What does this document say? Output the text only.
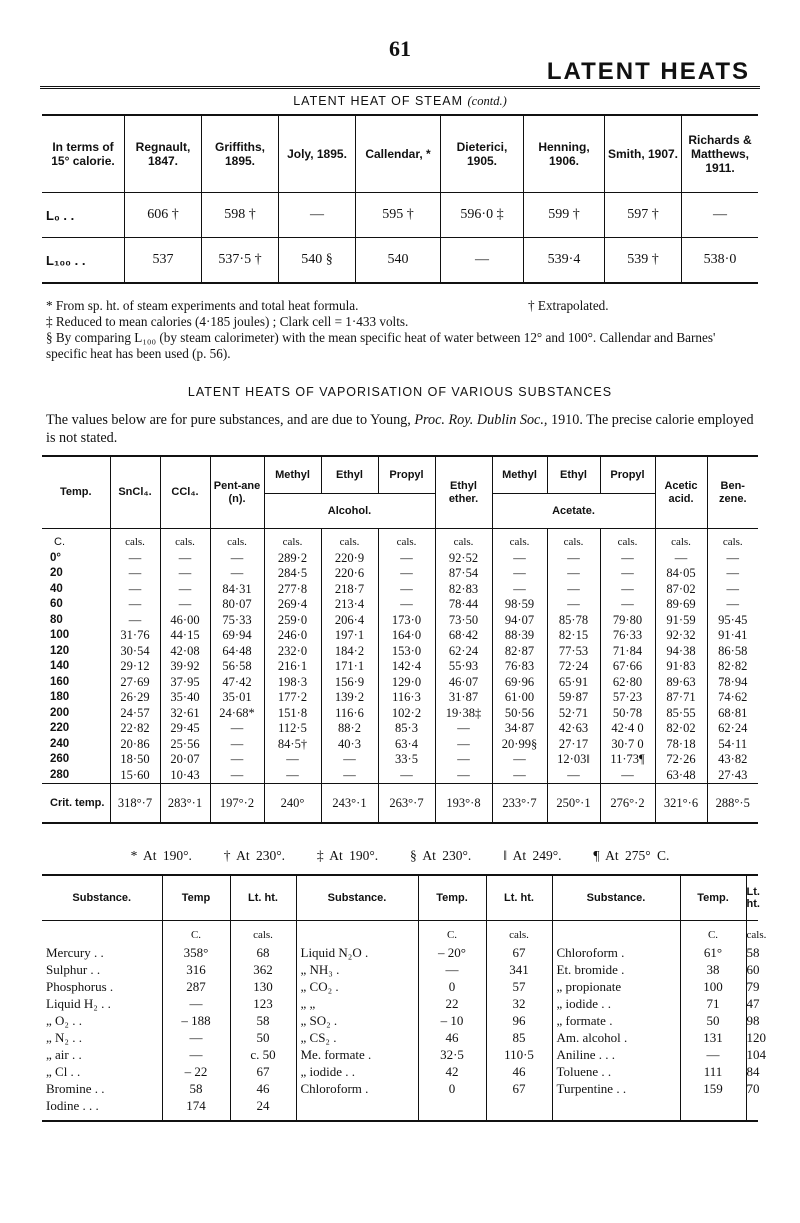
61
LATENT HEATS
LATENT HEAT OF STEAM (contd.)
In terms of 15° calorie.	Regnault, 1847.	Griffiths, 1895.	Joly, 1895.	Callendar, *	Dieterici, 1905.	Henning, 1906.	Smith, 1907.	Richards & Matthews, 1911.
L₀ . .	606 †	598 †	—	595 †	596·0 ‡	599 †	597 †	—
L₁₀₀ . .	537	537·5 †	540 §	540	—	539·4	539 †	538·0
* From sp. ht. of steam experiments and total heat formula.	† Extrapolated.
‡ Reduced to mean calories (4·185 joules) ; Clark cell = 1·433 volts.
§ By comparing L₁₀₀ (by steam calorimeter) with the mean specific heat of water between 12° and 100°. Callendar and Barnes' specific heat has been used (p. 56).
LATENT HEATS OF VAPORISATION OF VARIOUS SUBSTANCES
The values below are for pure substances, and are due to Young, Proc. Roy. Dublin Soc., 1910. The precise calorie employed is not stated.
Temp.	SnCl₄.	CCl₄.	Pent-ane (n).	Methyl	Ethyl	Propyl	Ethyl ether.	Methyl	Ethyl	Propyl	Acetic acid.	Ben-zene.
				Alcohol.				Acetate.				
C.	cals.	cals.	cals.	cals.	cals.	cals.	cals.	cals.	cals.	cals.	cals.	cals.
0°	—	—	—	289·2	220·9	—	92·52	—	—	—	—	—
20	—	—	—	284·5	220·6	—	87·54	—	—	—	84·05	—
40	—	—	84·31	277·8	218·7	—	82·83	—	—	—	87·02	—
60	—	—	80·07	269·4	213·4	—	78·44	98·59	—	—	89·69	—
80	—	46·00	75·33	259·0	206·4	173·0	73·50	94·07	85·78	79·80	91·59	95·45
100	31·76	44·15	69·94	246·0	197·1	164·0	68·42	88·39	82·15	76·33	92·32	91·41
120	30·54	42·08	64·48	232·0	184·2	153·0	62·24	82·87	77·53	71·84	94·38	86·58
140	29·12	39·92	56·58	216·1	171·1	142·4	55·93	76·83	72·24	67·66	91·83	82·82
160	27·69	37·95	47·42	198·3	156·9	129·0	46·07	69·96	65·91	62·80	89·63	78·94
180	26·29	35·40	35·01	177·2	139·2	116·3	31·87	61·00	59·87	57·23	87·71	74·62
200	24·57	32·61	24·68*	151·8	116·6	102·2	19·38‡	50·56	52·71	50·78	85·55	68·81
220	22·82	29·45	—	112·5	88·2	85·3	—	34·87	42·63	42·4 0	82·02	62·24
240	20·86	25·56	—	84·5†	40·3	63·4	—	20·99§	27·17	30·7 0	78·18	54·11
260	18·50	20·07	—	—	—	33·5	—	—	12·03‖	11·73¶	72·26	43·82
280	15·60	10·43	—	—	—	—	—	—	—	—	63·48	27·43
Crit. temp.	318°·7	283°·1	197°·2	240°	243°·1	263°·7	193°·8	233°·7	250°·1	276°·2	321°·6	288°·5
* At 190°. † At 230°. ‡ At 190°. § At 230°. ‖ At 249°. ¶ At 275° C.
Substance.	Temp	Lt. ht.	Substance.	Temp.	Lt. ht.	Substance.	Temp.	Lt. ht.
	C.	cals.		C.	cals.		C.	cals.
Mercury . .	358°	68	Liquid N₂O .	– 20°	67	Chloroform .	61°	58
Sulphur . .	316	362	„ NH₃ .	—	341	Et. bromide .	38	60
Phosphorus .	287	130	„ CO₂ .	0	57	„ propionate	100	79
Liquid H₂ . .	—	123	„ „	22	32	„ iodide . .	71	47
„ O₂ . .	– 188	58	„ SO₂ .	– 10	96	„ formate .	50	98
„ N₂ . .	—	50	„ CS₂ .	46	85	Am. alcohol .	131	120
„ air . .	—	c. 50	Me. formate .	32·5	110·5	Aniline . . .	—	104
„ Cl . .	– 22	67	„ iodide . .	42	46	Toluene . .	111	84
Bromine . .	58	46	Chloroform .	0	67	Turpentine . .	159	70
Iodine . . .	174	24						
